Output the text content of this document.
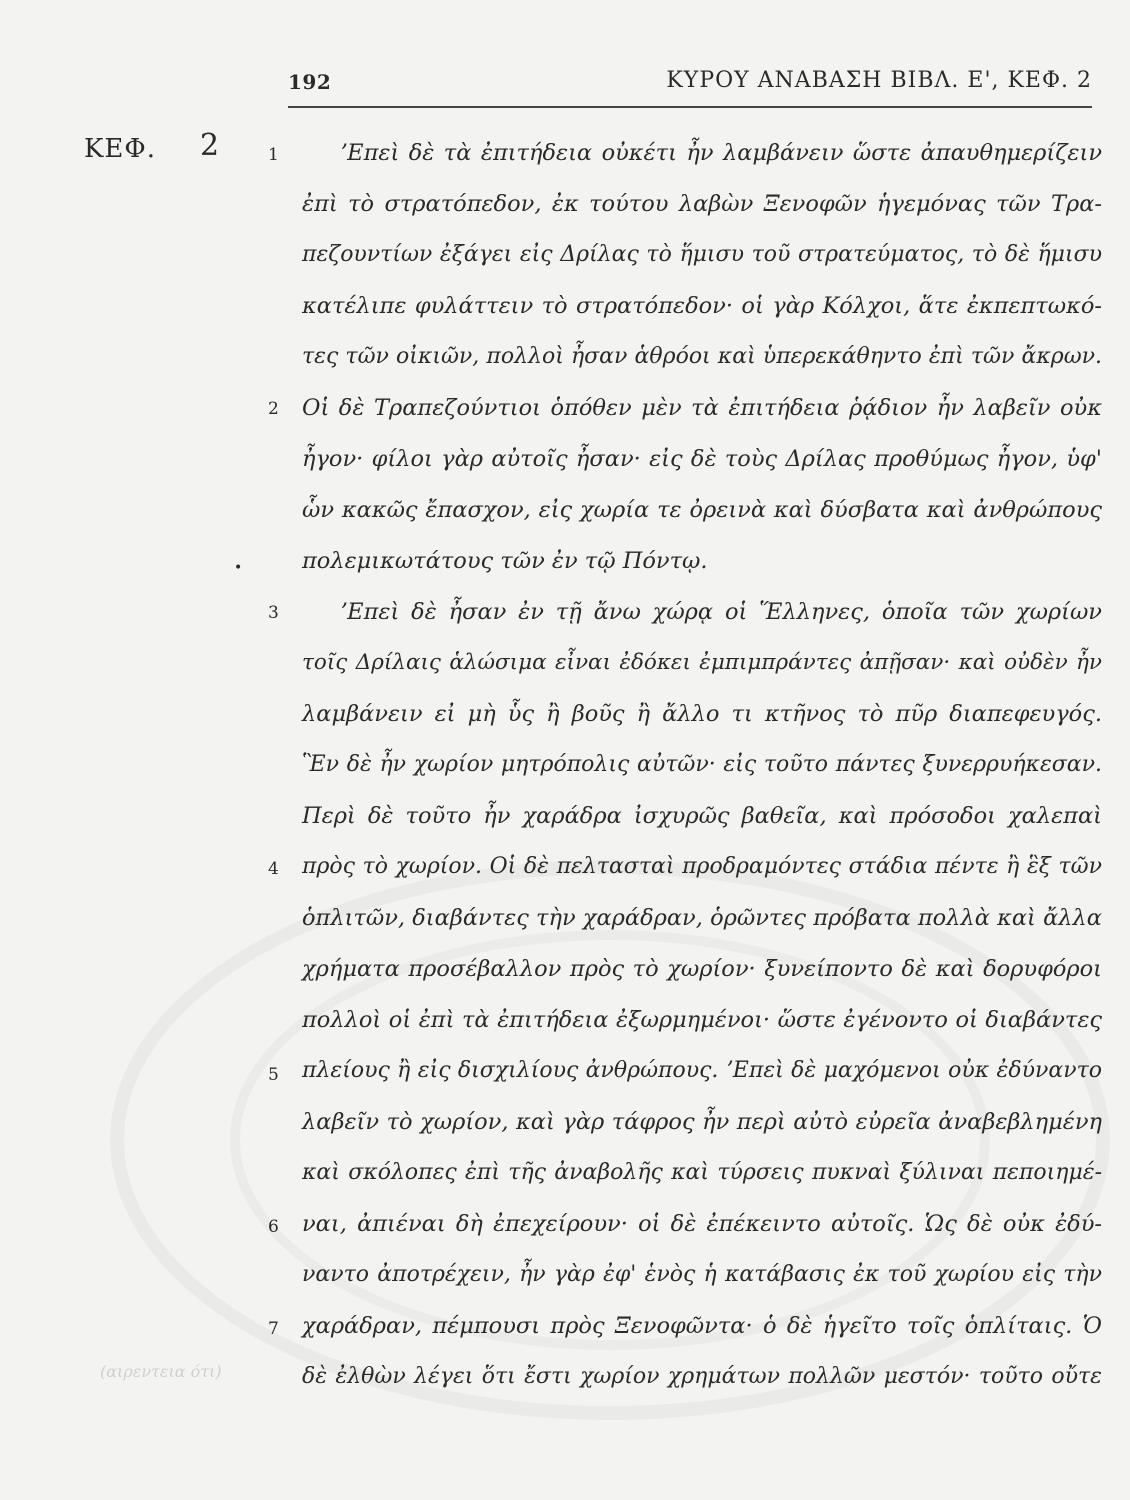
192	ΚΥΡΟΥ ΑΝΑΒΑΣΗ ΒΙΒΛ. Ε', ΚΕΦ. 2
ΚΕΦ. 2	1
2
3
4
5
6
7
•
(αιρεντεια ότι)
ʼΕπεὶ δὲ τὰ ἐπιτήδεια οὐκέτι ἦν λαμβάνειν ὥστε ἀπαυθημερίζειν
ἐπὶ τὸ στρατόπεδον, ἐκ τούτου λαβὼν Ξενοφῶν ἡγεμόνας τῶν Τρα-
πεζουντίων ἐξάγει εἰς Δρίλας τὸ ἥμισυ τοῦ στρατεύματος, τὸ δὲ ἥμισυ
κατέλιπε φυλάττειν τὸ στρατόπεδον· οἱ γὰρ Κόλχοι, ἅτε ἐκπεπτωκό-
τες τῶν οἰκιῶν, πολλοὶ ἦσαν ἁθρόοι καὶ ὑπερεκάθηντο ἐπὶ τῶν ἄκρων.
Οἱ δὲ Τραπεζούντιοι ὁπόθεν μὲν τὰ ἐπιτήδεια ῥᾴδιον ἦν λαβεῖν οὐκ
ἦγον· φίλοι γὰρ αὐτοῖς ἦσαν· εἰς δὲ τοὺς Δρίλας προθύμως ἦγον, ὑφ'
ὧν κακῶς ἔπασχον, εἰς χωρία τε ὀρεινὰ καὶ δύσβατα καὶ ἀνθρώπους
πολεμικωτάτους τῶν ἐν τῷ Πόντῳ.
ʼΕπεὶ δὲ ἦσαν ἐν τῇ ἄνω χώρᾳ οἱ Ἕλληνες, ὁποῖα τῶν χωρίων
τοῖς Δρίλαις ἁλώσιμα εἶναι ἐδόκει ἐμπιμπράντες ἀπῇσαν· καὶ οὐδὲν ἦν
λαμβάνειν εἰ μὴ ὗς ἢ βοῦς ἢ ἄλλο τι κτῆνος τὸ πῦρ διαπεφευγός.
Ἓν δὲ ἦν χωρίον μητρόπολις αὐτῶν· εἰς τοῦτο πάντες ξυνερρυήκεσαν.
Περὶ δὲ τοῦτο ἦν χαράδρα ἰσχυρῶς βαθεῖα, καὶ πρόσοδοι χαλεπαὶ
πρὸς τὸ χωρίον. Οἱ δὲ πελτασταὶ προδραμόντες στάδια πέντε ἢ ἓξ τῶν
ὁπλιτῶν, διαβάντες τὴν χαράδραν, ὁρῶντες πρόβατα πολλὰ καὶ ἄλλα
χρήματα προσέβαλλον πρὸς τὸ χωρίον· ξυνείποντο δὲ καὶ δορυφόροι
πολλοὶ οἱ ἐπὶ τὰ ἐπιτήδεια ἐξωρμημένοι· ὥστε ἐγένοντο οἱ διαβάντες
πλείους ἢ εἰς δισχιλίους ἀνθρώπους. ʼΕπεὶ δὲ μαχόμενοι οὐκ ἐδύναντο
λαβεῖν τὸ χωρίον, καὶ γὰρ τάφρος ἦν περὶ αὐτὸ εὐρεῖα ἀναβεβλημένη
καὶ σκόλοπες ἐπὶ τῆς ἀναβολῆς καὶ τύρσεις πυκναὶ ξύλιναι πεποιημέ-
ναι, ἀπιέναι δὴ ἐπεχείρουν· οἱ δὲ ἐπέκειντο αὐτοῖς. Ὡς δὲ οὐκ ἐδύ-
ναντο ἀποτρέχειν, ἦν γὰρ ἐφ' ἑνὸς ἡ κατάβασις ἐκ τοῦ χωρίου εἰς τὴν
χαράδραν, πέμπουσι πρὸς Ξενοφῶντα· ὁ δὲ ἡγεῖτο τοῖς ὁπλίταις. Ὁ
δὲ ἐλθὼν λέγει ὅτι ἔστι χωρίον χρημάτων πολλῶν μεστόν· τοῦτο οὔτε
